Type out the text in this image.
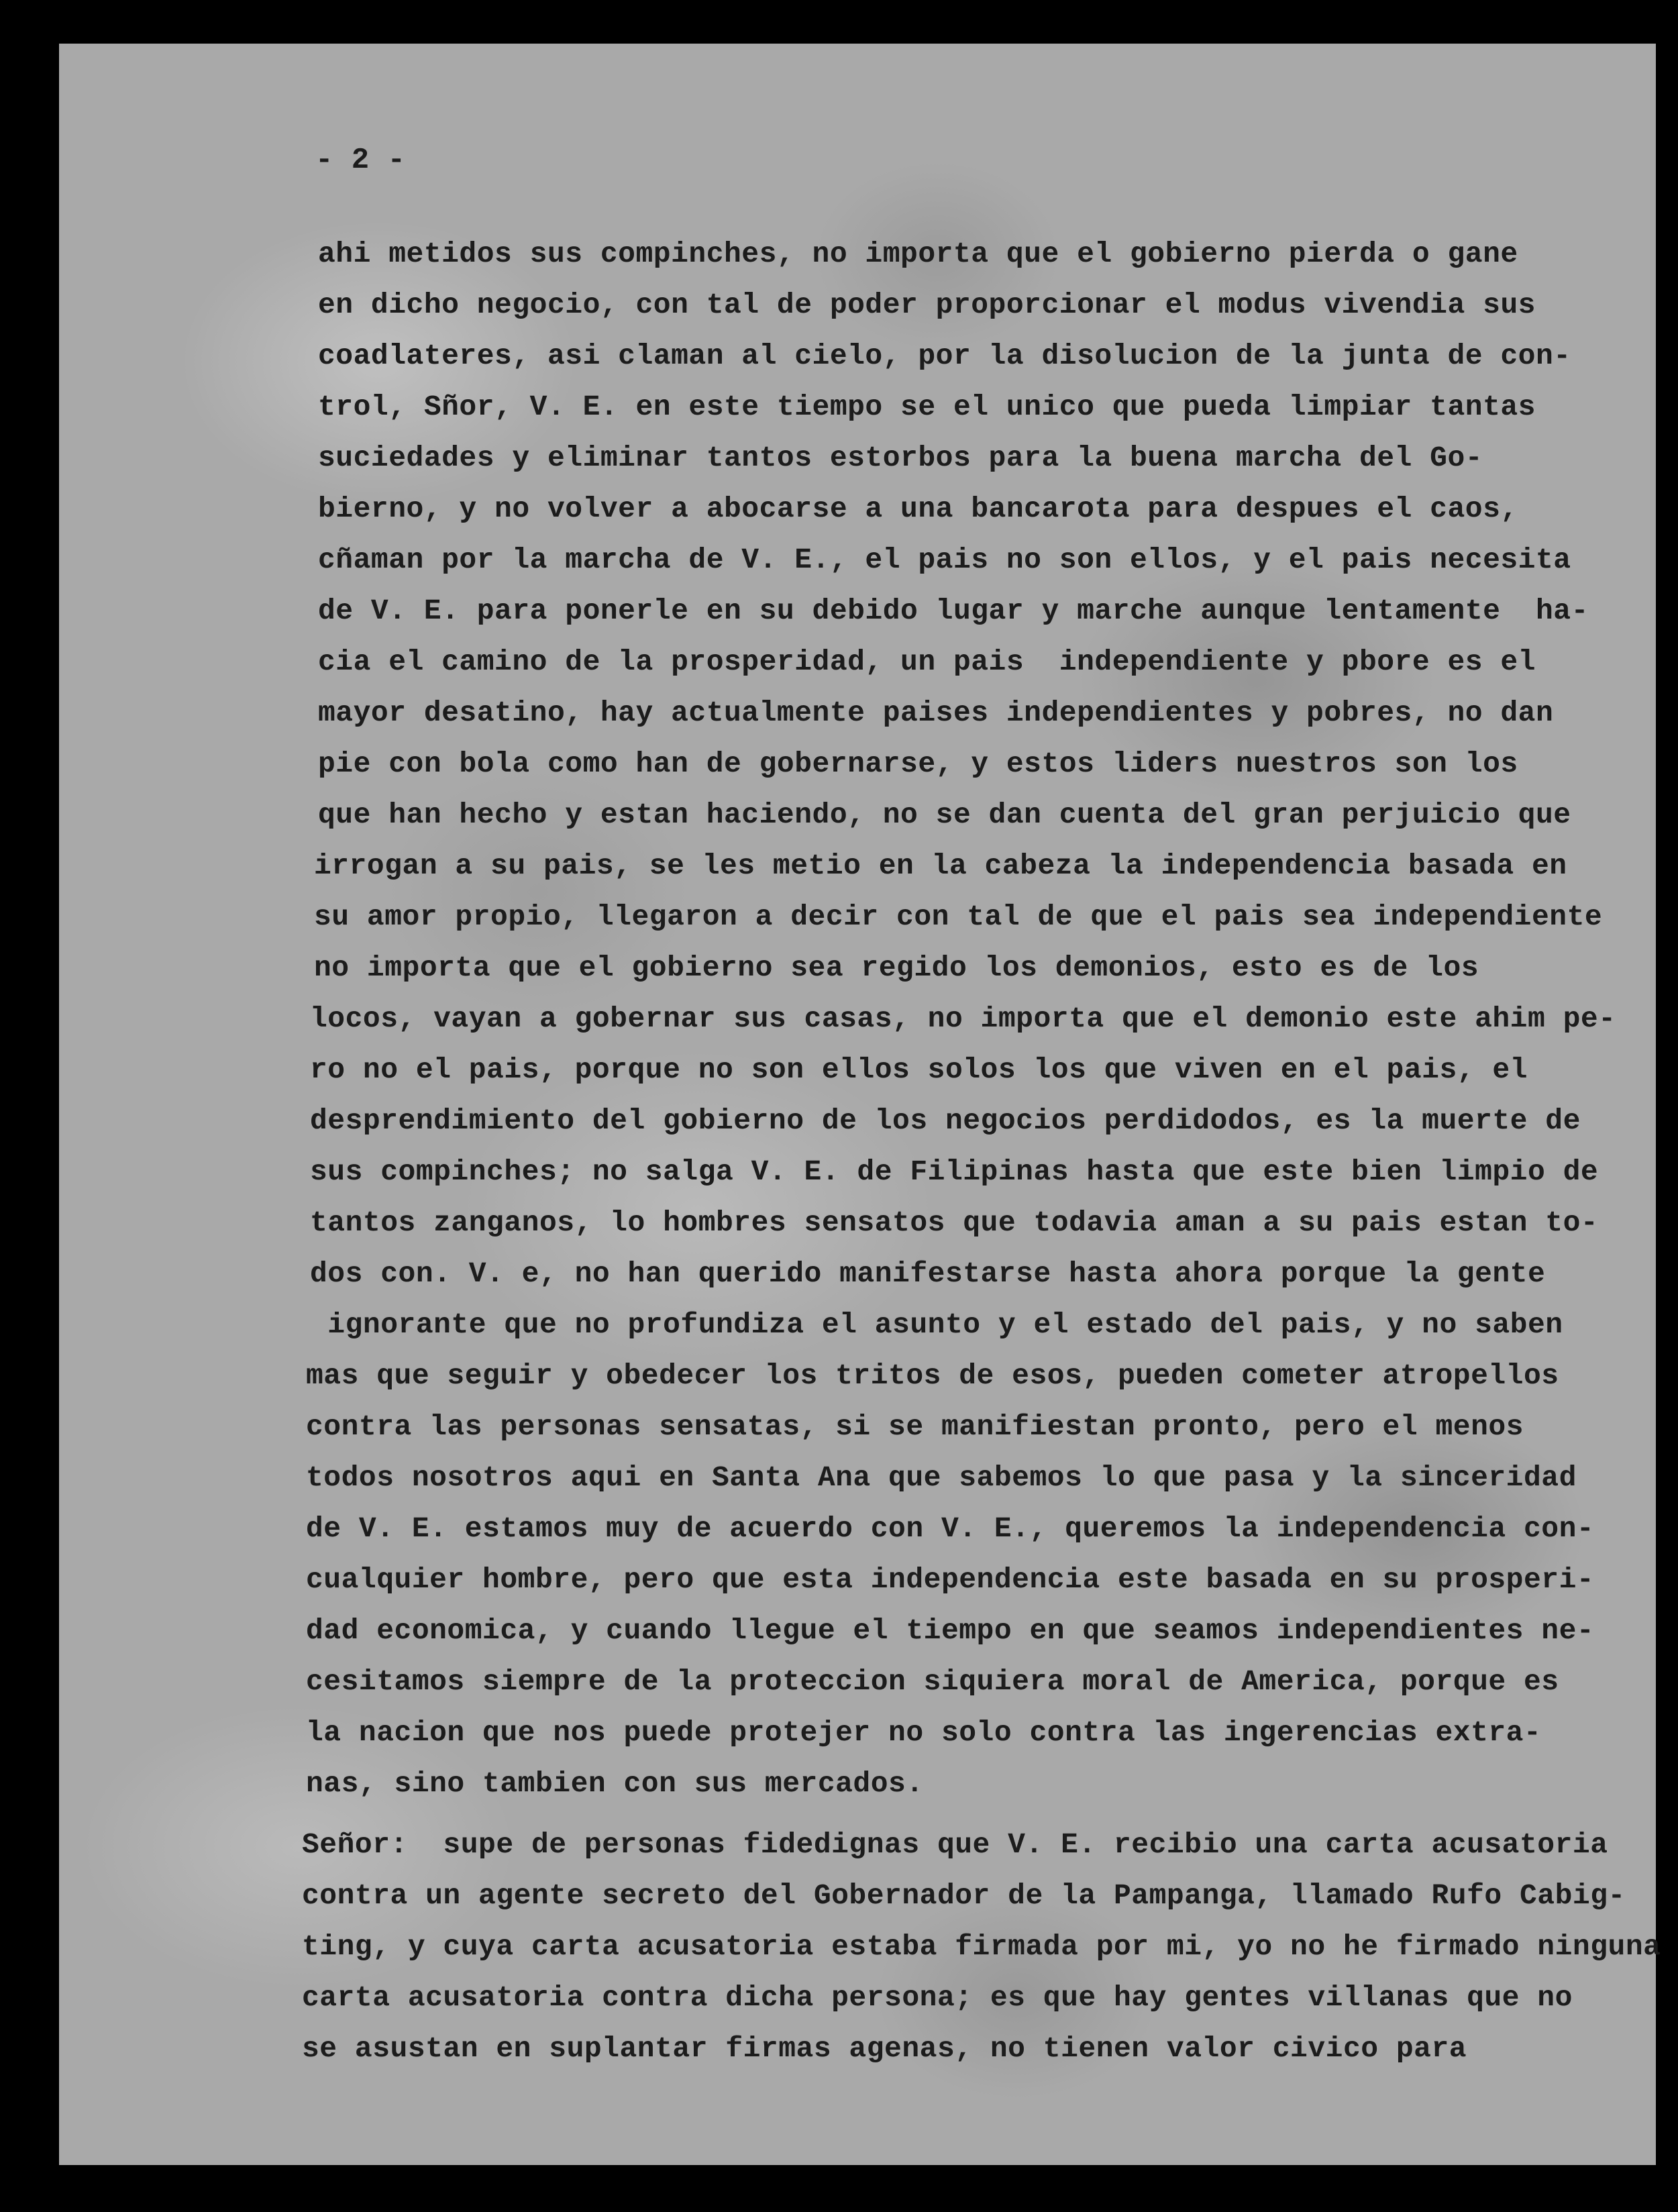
- 2 -
ahi metidos sus compinches, no importa que el gobierno pierda o gane
en dicho negocio, con tal de poder proporcionar el modus vivendia sus
coadlateres, asi claman al cielo, por la disolucion de la junta de con-
trol, Sñor, V. E. en este tiempo se el unico que pueda limpiar tantas
suciedades y eliminar tantos estorbos para la buena marcha del Go-
bierno, y no volver a abocarse a una bancarota para despues el caos,
cñaman por la marcha de V. E., el pais no son ellos, y el pais necesita
de V. E. para ponerle en su debido lugar y marche aunque lentamente  ha-
cia el camino de la prosperidad, un pais  independiente y pbore es el
mayor desatino, hay actualmente paises independientes y pobres, no dan
pie con bola como han de gobernarse, y estos liders nuestros son los
que han hecho y estan haciendo, no se dan cuenta del gran perjuicio que
irrogan a su pais, se les metio en la cabeza la independencia basada en
su amor propio, llegaron a decir con tal de que el pais sea independiente
no importa que el gobierno sea regido los demonios, esto es de los
locos, vayan a gobernar sus casas, no importa que el demonio este ahim pe-
ro no el pais, porque no son ellos solos los que viven en el pais, el
desprendimiento del gobierno de los negocios perdidodos, es la muerte de
sus compinches; no salga V. E. de Filipinas hasta que este bien limpio de
tantos zanganos, lo hombres sensatos que todavia aman a su pais estan to-
dos con. V. e, no han querido manifestarse hasta ahora porque la gente
ignorante que no profundiza el asunto y el estado del pais, y no saben
mas que seguir y obedecer los tritos de esos, pueden cometer atropellos
contra las personas sensatas, si se manifiestan pronto, pero el menos
todos nosotros aqui en Santa Ana que sabemos lo que pasa y la sinceridad
de V. E. estamos muy de acuerdo con V. E., queremos la independencia con-
cualquier hombre, pero que esta independencia este basada en su prosperi-
dad economica, y cuando llegue el tiempo en que seamos independientes ne-
cesitamos siempre de la proteccion siquiera moral de America, porque es
la nacion que nos puede protejer no solo contra las ingerencias extra-
nas, sino tambien con sus mercados.
Señor:  supe de personas fidedignas que V. E. recibio una carta acusatoria
contra un agente secreto del Gobernador de la Pampanga, llamado Rufo Cabig-
ting, y cuya carta acusatoria estaba firmada por mi, yo no he firmado ninguna
carta acusatoria contra dicha persona; es que hay gentes villanas que no
se asustan en suplantar firmas agenas, no tienen valor civico para
